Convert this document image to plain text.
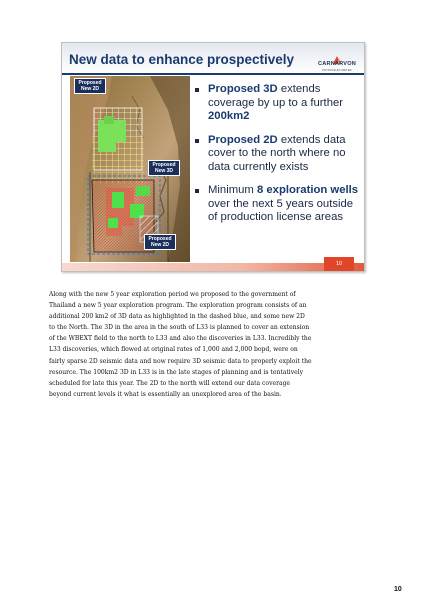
New data to enhance prospectively	CARNARVON
PETROLEUM LIMITED
Proposed New 2D
Proposed New 3D
Proposed New 2D
Proposed 3D extends coverage by up to a further 200km2
Proposed 2D extends data cover to the north where no data currently exists
Minimum 8 exploration wells over the next 5 years outside of production license areas
10

Along with the new 5 year exploration period we proposed to the government of

Thailand a new 5 year exploration program. The exploration program consists of an

additional 200 km2 of 3D data as highlighted in the dashed blue, and some new 2D

to the North. The 3D in the area in the south of L33 is planned to cover an extension

of the WBEXT field to the north to L33 and also the discoveries in L33. Incredibly the

L33 discoveries, which flowed at original rates of 1,000 and 2,000 bopd, were on

fairly sparse 2D seismic data and now require 3D seismic data to properly exploit the

resource. The 100km2 3D in L33 is in the late stages of planning and is tentatively

scheduled for late this year. The 2D to the north will extend our data coverage

beyond current levels it what is essentially an unexplored area of the basin.

10
